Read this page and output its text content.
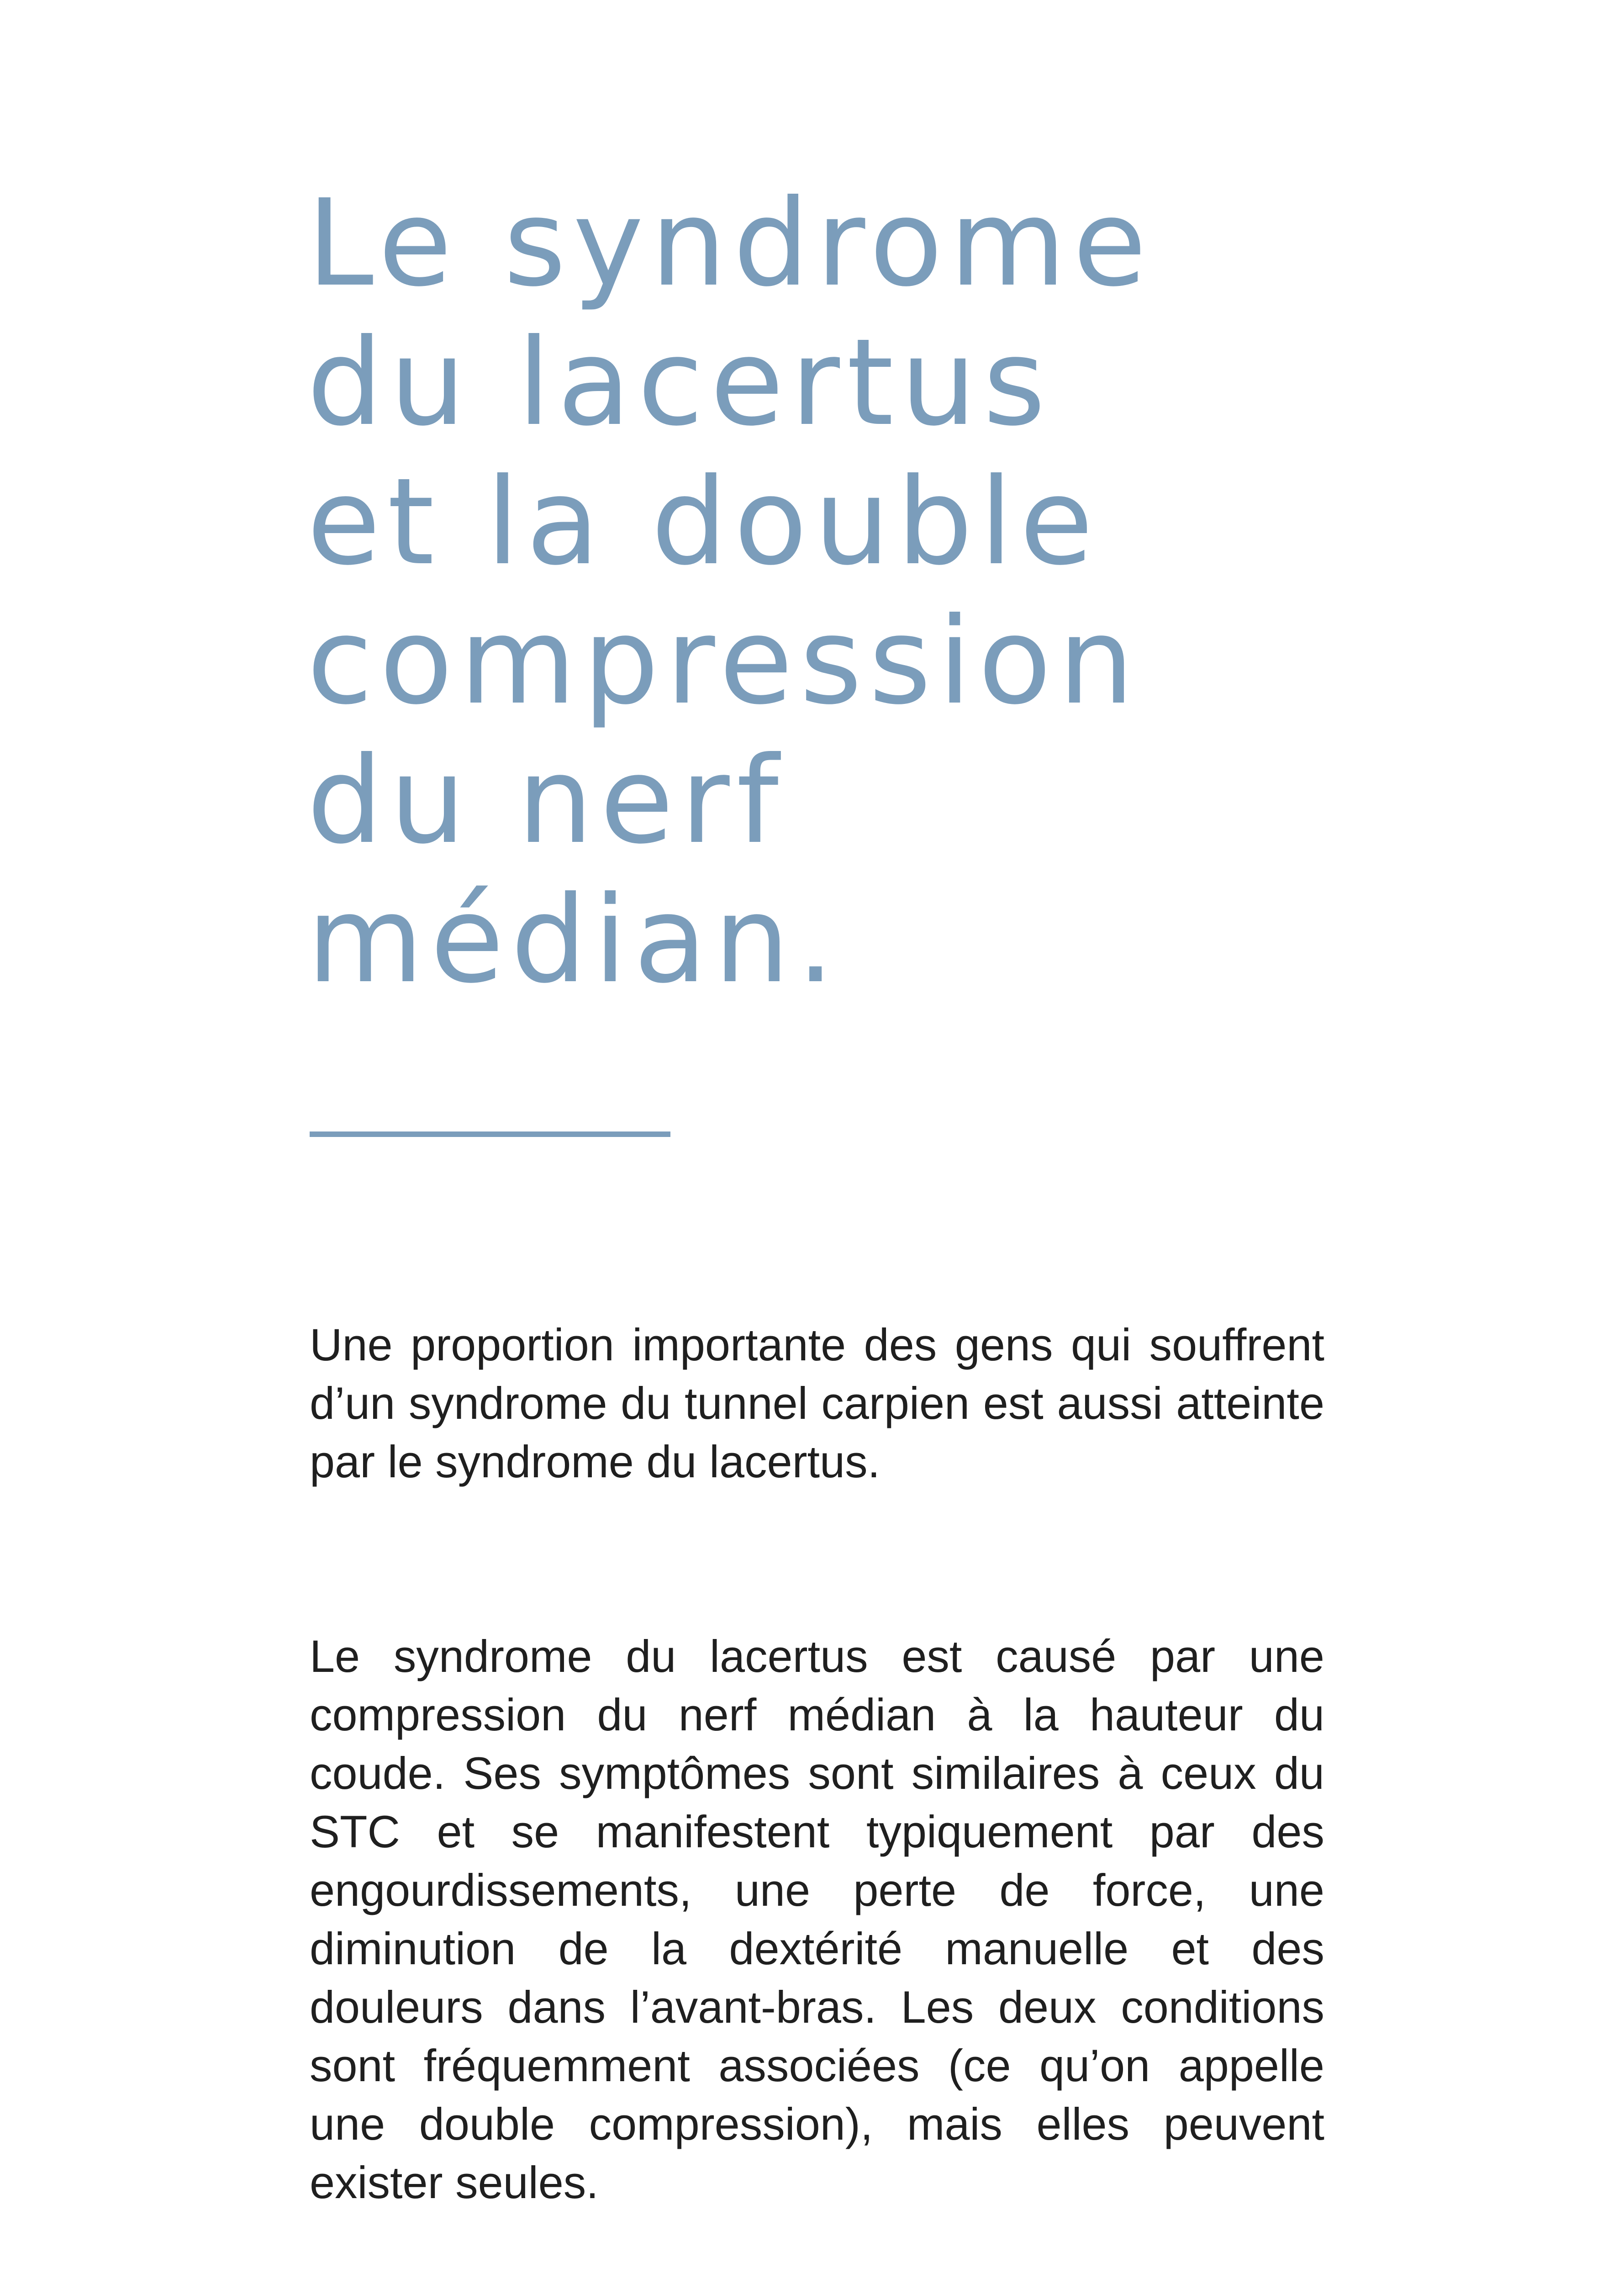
Le syndrome
du lacertus
et la double
compression
du nerf
médian.

Une proportion importante des gens qui souffrent d’un syndrome du tunnel carpien est aussi atteinte par le syndrome du lacertus.

Le syndrome du lacertus est causé par une compression du nerf médian à la hauteur du coude. Ses symptômes sont similaires à ceux du STC et se manifestent typiquement par des engourdissements, une perte de force, une diminution de la dextérité manuelle et des douleurs dans l’avant-bras. Les deux conditions sont fréquemment associées (ce qu’on appelle une double compression), mais elles peuvent exister seules.
